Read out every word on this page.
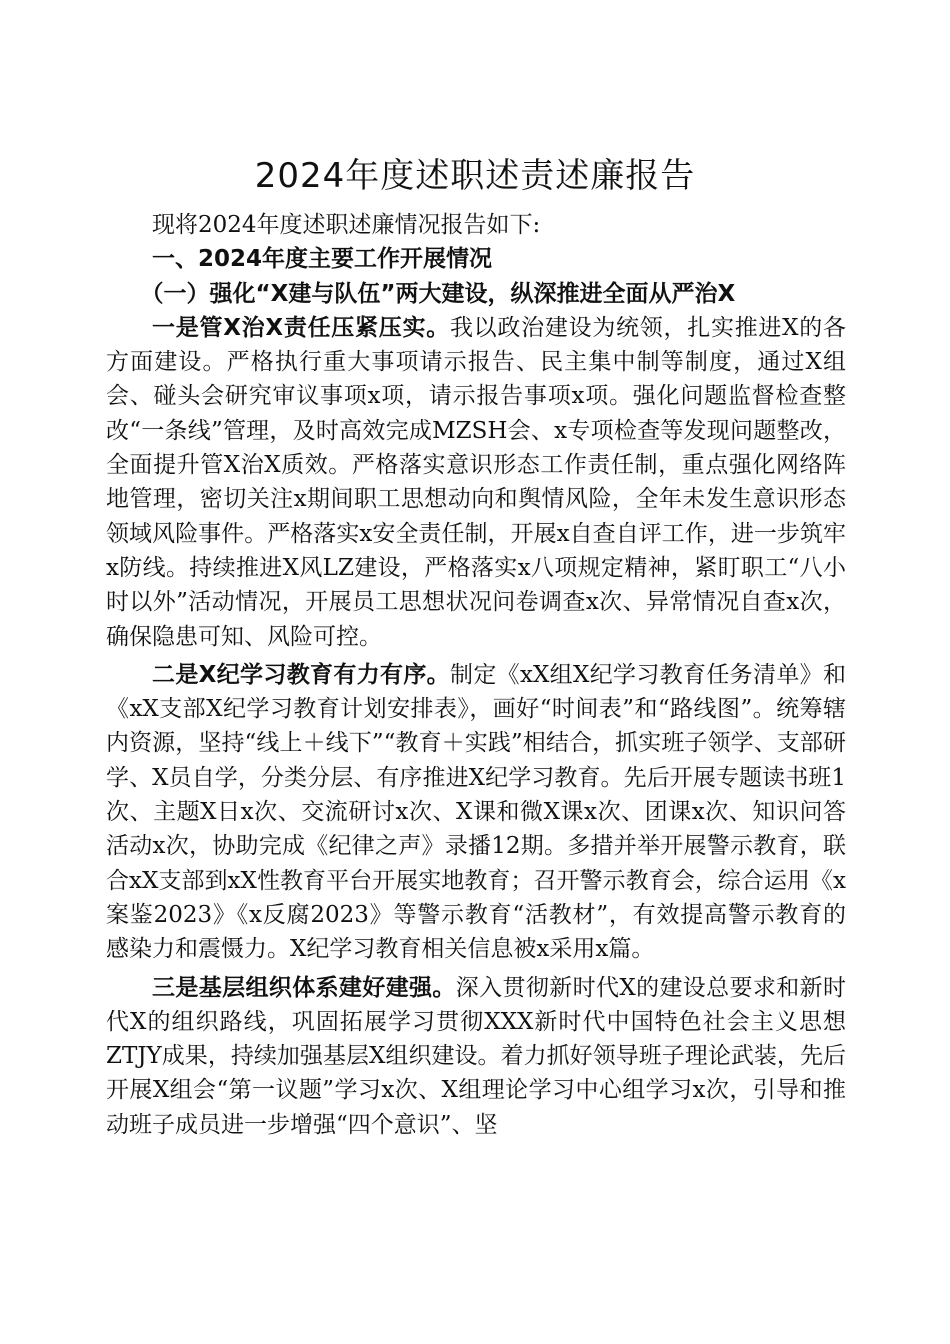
2024年度述职述责述廉报告

现将2024年度述职述廉情况报告如下:

一、2024年度主要工作开展情况

（一）强化“X建与队伍”两大建设，纵深推进全面从严治X

一是管X治X责任压紧压实。我以政治建设为统领，扎实推进X的各方面建设。严格执行重大事项请示报告、民主集中制等制度，通过X组会、碰头会研究审议事项x项，请示报告事项x项。强化问题监督检查整改“一条线”管理，及时高效完成MZSH会、x专项检查等发现问题整改，全面提升管X治X质效。严格落实意识形态工作责任制，重点强化网络阵地管理，密切关注x期间职工思想动向和舆情风险，全年未发生意识形态领域风险事件。严格落实x安全责任制，开展x自查自评工作，进一步筑牢x防线。持续推进X风LZ建设，严格落实x八项规定精神，紧盯职工“八小时以外”活动情况，开展员工思想状况问卷调查x次、异常情况自查x次，确保隐患可知、风险可控。

二是X纪学习教育有力有序。制定《xX组X纪学习教育任务清单》和《xX支部X纪学习教育计划安排表》，画好“时间表”和“路线图”。统筹辖内资源，坚持“线上＋线下”“教育＋实践”相结合，抓实班子领学、支部研学、X员自学，分类分层、有序推进X纪学习教育。先后开展专题读书班1次、主题X日x次、交流研讨x次、X课和微X课x次、团课x次、知识问答活动x次，协助完成《纪律之声》录播12期。多措并举开展警示教育，联合xX支部到xX性教育平台开展实地教育；召开警示教育会，综合运用《x案鉴2023》《x反腐2023》等警示教育“活教材”，有效提高警示教育的感染力和震慑力。X纪学习教育相关信息被x采用x篇。

三是基层组织体系建好建强。深入贯彻新时代X的建设总要求和新时代X的组织路线，巩固拓展学习贯彻XXX新时代中国特色社会主义思想ZTJY成果，持续加强基层X组织建设。着力抓好领导班子理论武装，先后开展X组会“第一议题”学习x次、X组理论学习中心组学习x次，引导和推动班子成员进一步增强“四个意识”、坚
